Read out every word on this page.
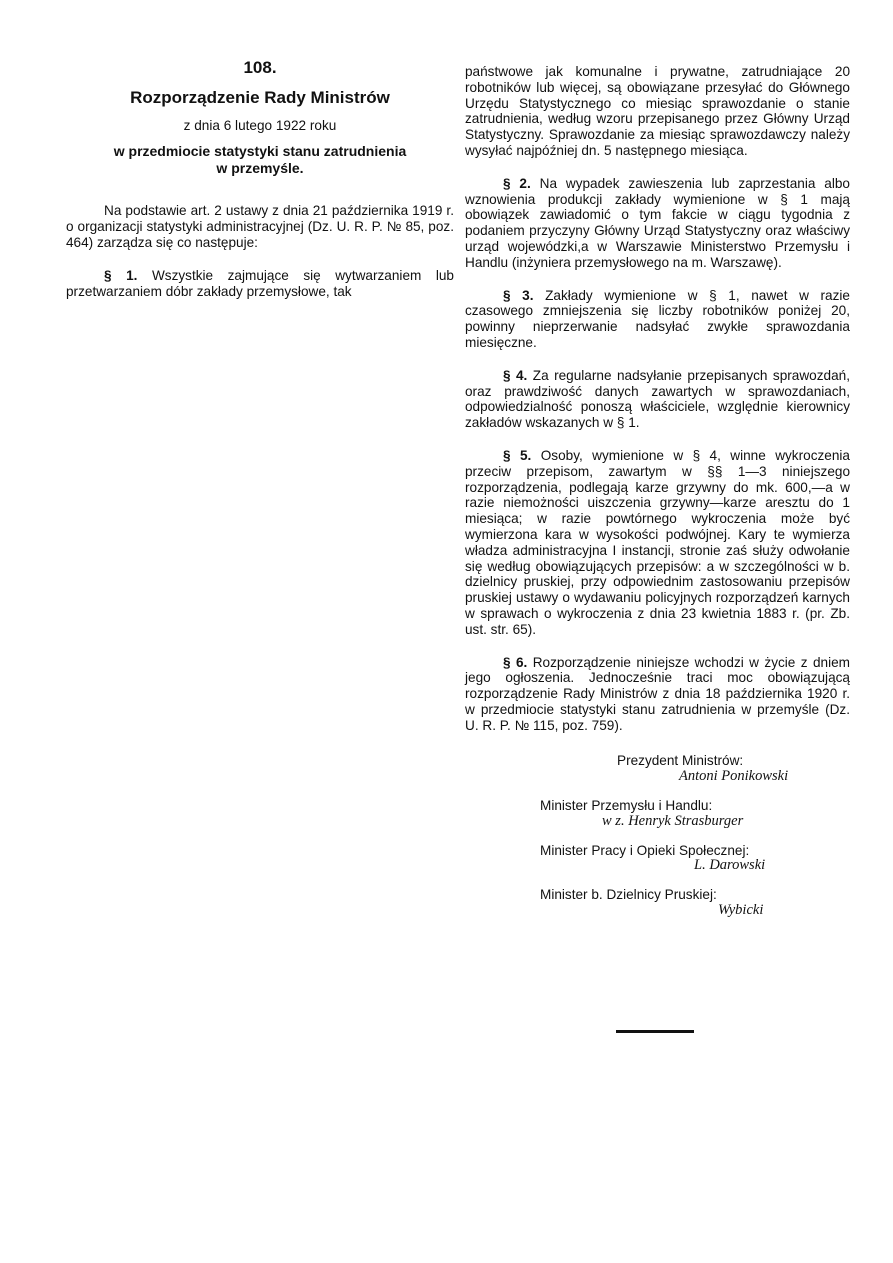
108.
Rozporządzenie Rady Ministrów
z dnia 6 lutego 1922 roku
w przedmiocie statystyki stanu zatrudnienia
w przemyśle.

Na podstawie art. 2 ustawy z dnia 21 października 1919 r. o organizacji statystyki administracyjnej (Dz. U. R. P. № 85, poz. 464) zarządza się co następuje:

§ 1. Wszystkie zajmujące się wytwarzaniem lub przetwarzaniem dóbr zakłady przemysłowe, tak

państwowe jak komunalne i prywatne, zatrudniające 20 robotników lub więcej, są obowiązane przesyłać do Głównego Urzędu Statystycznego co miesiąc sprawozdanie o stanie zatrudnienia, według wzoru przepisanego przez Główny Urząd Statystyczny. Sprawozdanie za miesiąc sprawozdawczy należy wysyłać najpóźniej dn. 5 następnego miesiąca.

§ 2. Na wypadek zawieszenia lub zaprzestania albo wznowienia produkcji zakłady wymienione w § 1 mają obowiązek zawiadomić o tym fakcie w ciągu tygodnia z podaniem przyczyny Główny Urząd Statystyczny oraz właściwy urząd wojewódzki,a w Warszawie Ministerstwo Przemysłu i Handlu (inżyniera przemysłowego na m. Warszawę).

§ 3. Zakłady wymienione w § 1, nawet w razie czasowego zmniejszenia się liczby robotników poniżej 20, powinny nieprzerwanie nadsyłać zwykłe sprawozdania miesięczne.

§ 4. Za regularne nadsyłanie przepisanych sprawozdań, oraz prawdziwość danych zawartych w sprawozdaniach, odpowiedzialność ponoszą właściciele, względnie kierownicy zakładów wskazanych w § 1.

§ 5. Osoby, wymienione w § 4, winne wykroczenia przeciw przepisom, zawartym w §§ 1—3 niniejszego rozporządzenia, podlegają karze grzywny do mk. 600,—a w razie niemożności uiszczenia grzywny—karze aresztu do 1 miesiąca; w razie powtórnego wykroczenia może być wymierzona kara w wysokości podwójnej. Kary te wymierza władza administracyjna I instancji, stronie zaś służy odwołanie się według obowiązujących przepisów: a w szczególności w b. dzielnicy pruskiej, przy odpowiednim zastosowaniu przepisów pruskiej ustawy o wydawaniu policyjnych rozporządzeń karnych w sprawach o wykroczenia z dnia 23 kwietnia 1883 r. (pr. Zb. ust. str. 65).

§ 6. Rozporządzenie niniejsze wchodzi w życie z dniem jego ogłoszenia. Jednocześnie traci moc obowiązującą rozporządzenie Rady Ministrów z dnia 18 października 1920 r. w przedmiocie statystyki stanu zatrudnienia w przemyśle (Dz. U. R. P. № 115, poz. 759).

Prezydent Ministrów:
Antoni Ponikowski
Minister Przemysłu i Handlu:
w z. Henryk Strasburger
Minister Pracy i Opieki Społecznej:
L. Darowski
Minister b. Dzielnicy Pruskiej:
Wybicki
